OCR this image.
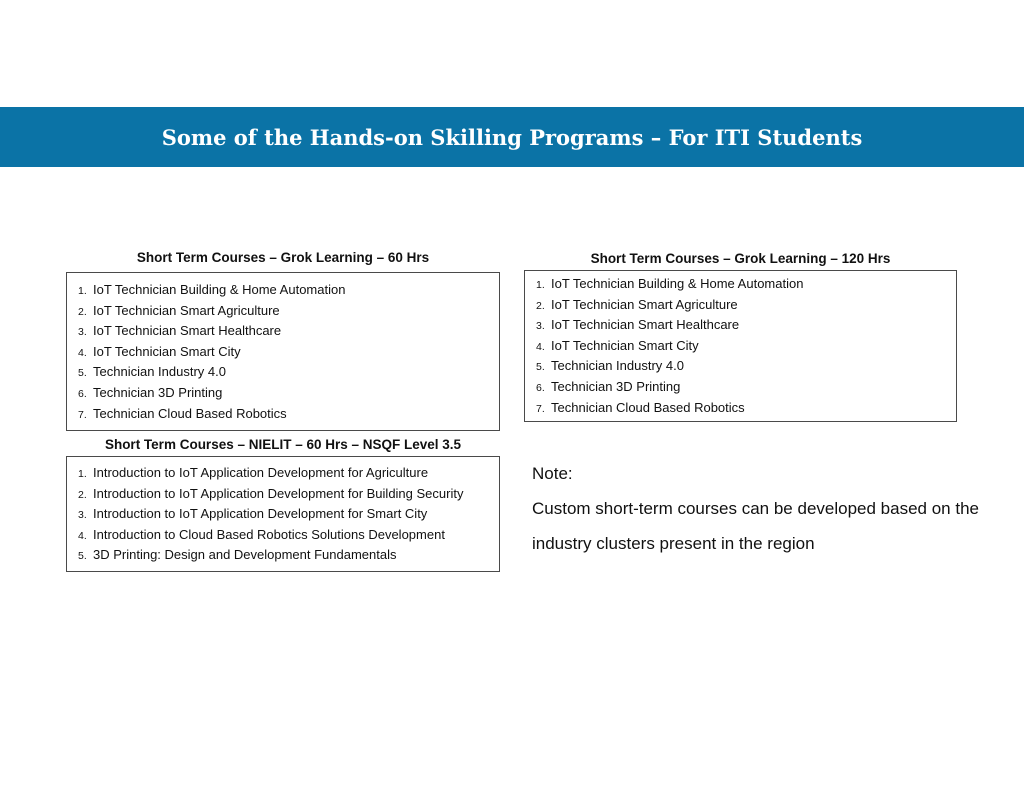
Some of the Hands-on Skilling Programs – For ITI Students
Short Term Courses – Grok Learning – 60 Hrs
1. IoT Technician Building & Home Automation
2. IoT Technician Smart Agriculture
3. IoT Technician Smart Healthcare
4. IoT Technician Smart City
5. Technician Industry 4.0
6. Technician 3D Printing
7. Technician Cloud Based Robotics
Short Term Courses – Grok Learning – 120 Hrs
1. IoT Technician Building & Home Automation
2. IoT Technician Smart Agriculture
3. IoT Technician Smart Healthcare
4. IoT Technician Smart City
5. Technician Industry 4.0
6. Technician 3D Printing
7. Technician Cloud Based Robotics
Short Term Courses – NIELIT – 60 Hrs – NSQF Level 3.5
1. Introduction to IoT Application Development for Agriculture
2. Introduction to IoT Application Development for Building Security
3. Introduction to IoT Application Development for Smart City
4. Introduction to Cloud Based Robotics Solutions Development
5. 3D Printing: Design and Development Fundamentals
Note:
Custom short-term courses can be developed based on the industry clusters present in the region
